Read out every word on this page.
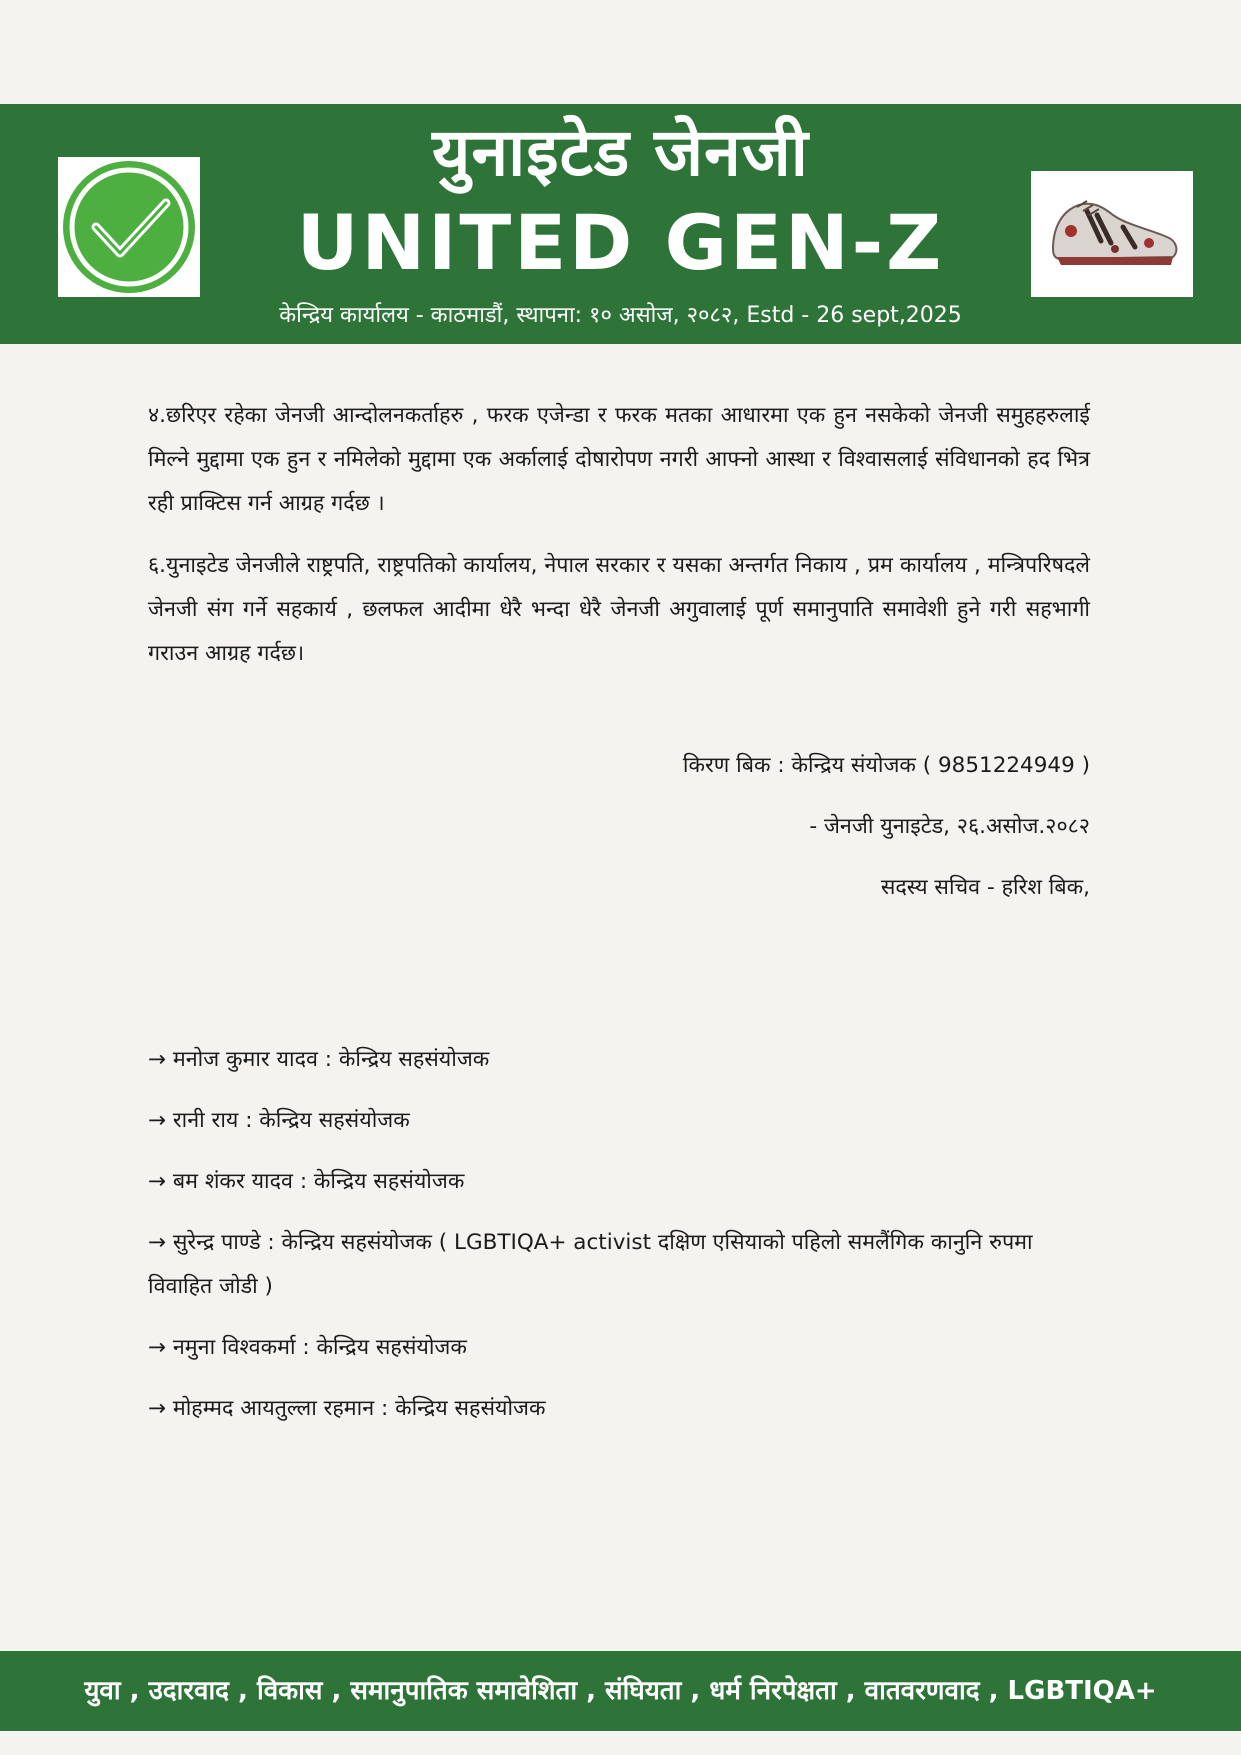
युनाइटेड जेनजी
UNITED GEN-Z
केन्द्रिय कार्यालय - काठमाडौं, स्थापना: १० असोज, २०८२, Estd - 26 sept,2025

४.छरिएर रहेका जेनजी आन्दोलनकर्ताहरु , फरक एजेन्डा र फरक मतका आधारमा एक हुन नसकेको जेनजी समुहहरुलाई मिल्ने मुद्दामा एक हुन र नमिलेको मुद्दामा एक अर्कालाई दोषारोपण नगरी आफ्नो आस्था र विश्वासलाई संविधानको हद भित्र रही प्राक्टिस गर्न आग्रह गर्दछ ।

६.युनाइटेड जेनजीले राष्ट्रपति, राष्ट्रपतिको कार्यालय, नेपाल सरकार र यसका अन्तर्गत निकाय , प्रम कार्यालय , मन्त्रिपरिषदले जेनजी संग गर्ने सहकार्य , छलफल आदीमा धेरै भन्दा धेरै जेनजी अगुवालाई पूर्ण समानुपाति समावेशी हुने गरी सहभागी गराउन आग्रह गर्दछ।

किरण बिक : केन्द्रिय संयोजक ( 9851224949 )
- जेनजी युनाइटेड, २६.असोज.२०८२
सदस्य सचिव - हरिश बिक,
→ मनोज कुमार यादव : केन्द्रिय सहसंयोजक
→ रानी राय : केन्द्रिय सहसंयोजक
→ बम शंकर यादव : केन्द्रिय सहसंयोजक
→ सुरेन्द्र पाण्डे : केन्द्रिय सहसंयोजक ( LGBTIQA+ activist दक्षिण एसियाको पहिलो समलैंगिक कानुनि रुपमा विवाहित जोडी )
→ नमुना विश्वकर्मा : केन्द्रिय सहसंयोजक
→ मोहम्मद आयतुल्ला रहमान : केन्द्रिय सहसंयोजक
युवा , उदारवाद , विकास , समानुपातिक समावेशिता , संघियता , धर्म निरपेक्षता , वातवरणवाद , LGBTIQA+
